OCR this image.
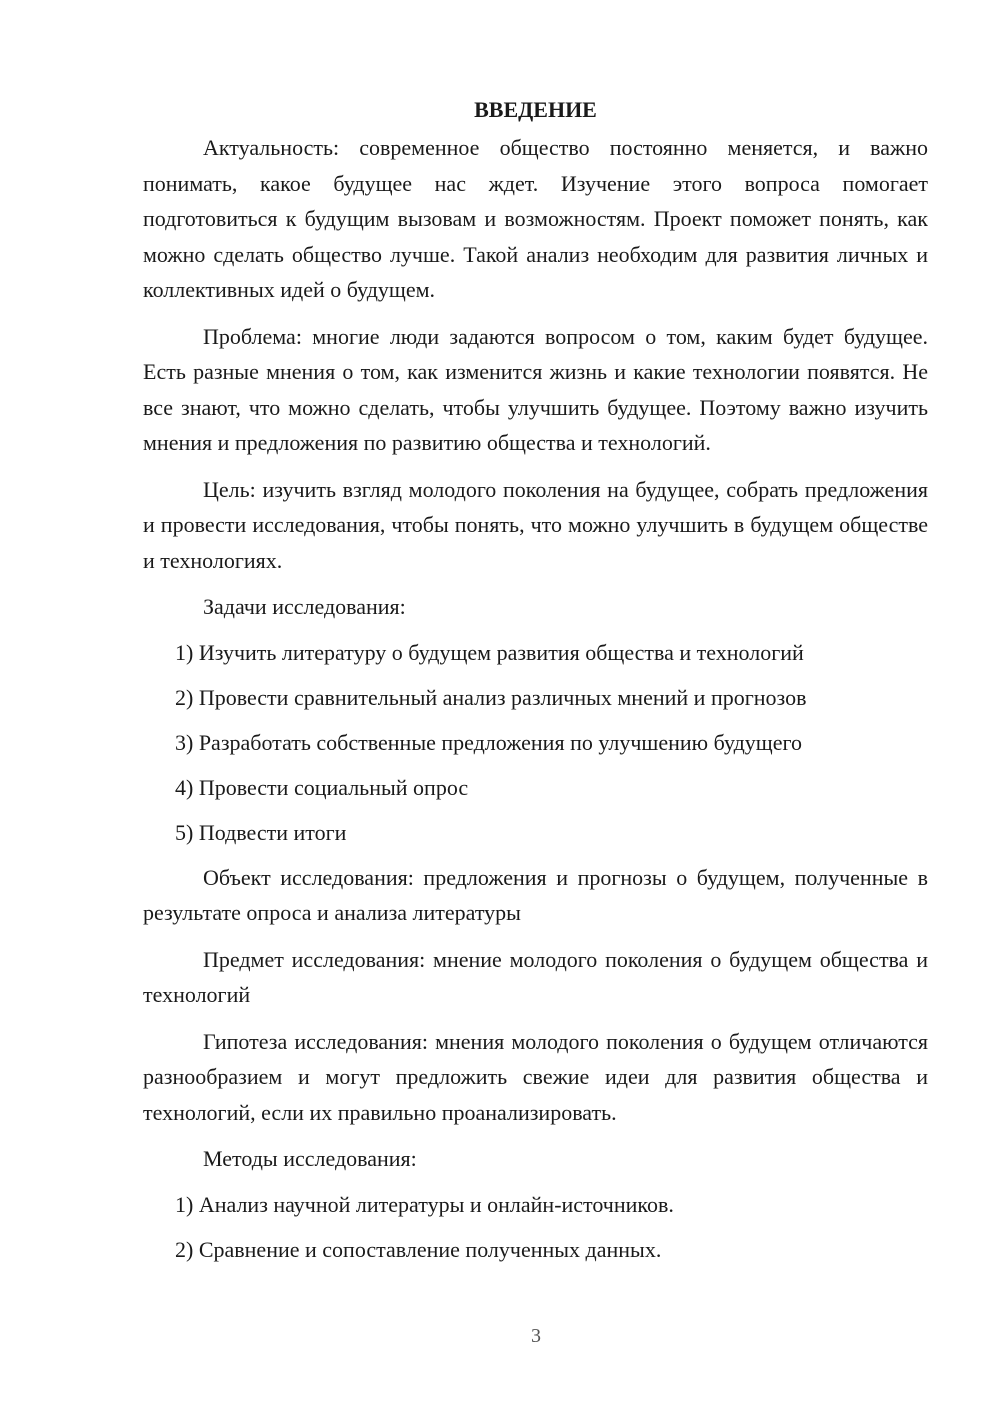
ВВЕДЕНИЕ

Актуальность: современное общество постоянно меняется, и важно понимать, какое будущее нас ждет. Изучение этого вопроса помогает подготовиться к будущим вызовам и возможностям. Проект поможет понять, как можно сделать общество лучше. Такой анализ необходим для развития личных и коллективных идей о будущем.

Проблема: многие люди задаются вопросом о том, каким будет будущее. Есть разные мнения о том, как изменится жизнь и какие технологии появятся. Не все знают, что можно сделать, чтобы улучшить будущее. Поэтому важно изучить мнения и предложения по развитию общества и технологий.

Цель: изучить взгляд молодого поколения на будущее, собрать предложения и провести исследования, чтобы понять, что можно улучшить в будущем обществе и технологиях.

Задачи исследования:

1) Изучить литературу о будущем развития общества и технологий
2) Провести сравнительный анализ различных мнений и прогнозов
3) Разработать собственные предложения по улучшению будущего
4) Провести социальный опрос
5) Подвести итоги

Объект исследования: предложения и прогнозы о будущем, полученные в результате опроса и анализа литературы

Предмет исследования: мнение молодого поколения о будущем общества и технологий

Гипотеза исследования: мнения молодого поколения о будущем отличаются разнообразием и могут предложить свежие идеи для развития общества и технологий, если их правильно проанализировать.

Методы исследования:

1) Анализ научной литературы и онлайн-источников.
2) Сравнение и сопоставление полученных данных.
3
